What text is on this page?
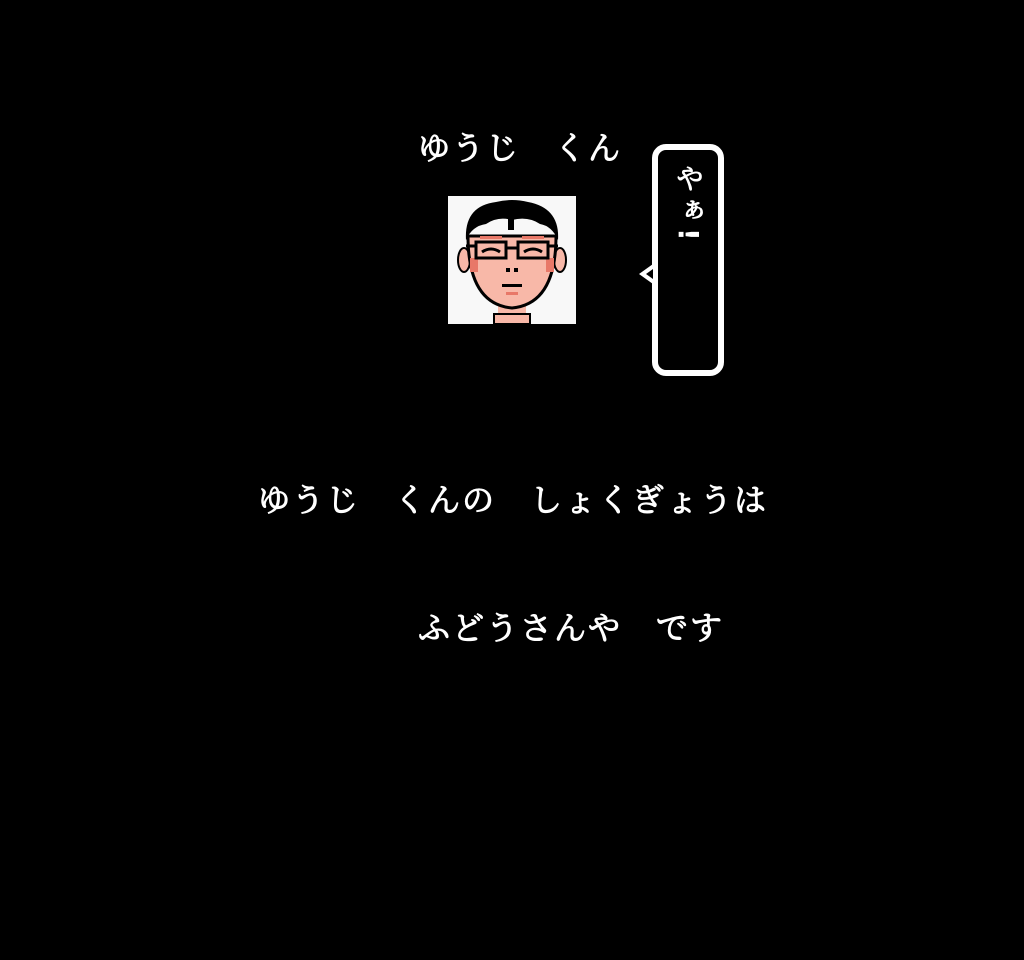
ゆうじ　くん
やぁ!
ゆうじ　くんの　しょくぎょうは
ふどうさんや　です
